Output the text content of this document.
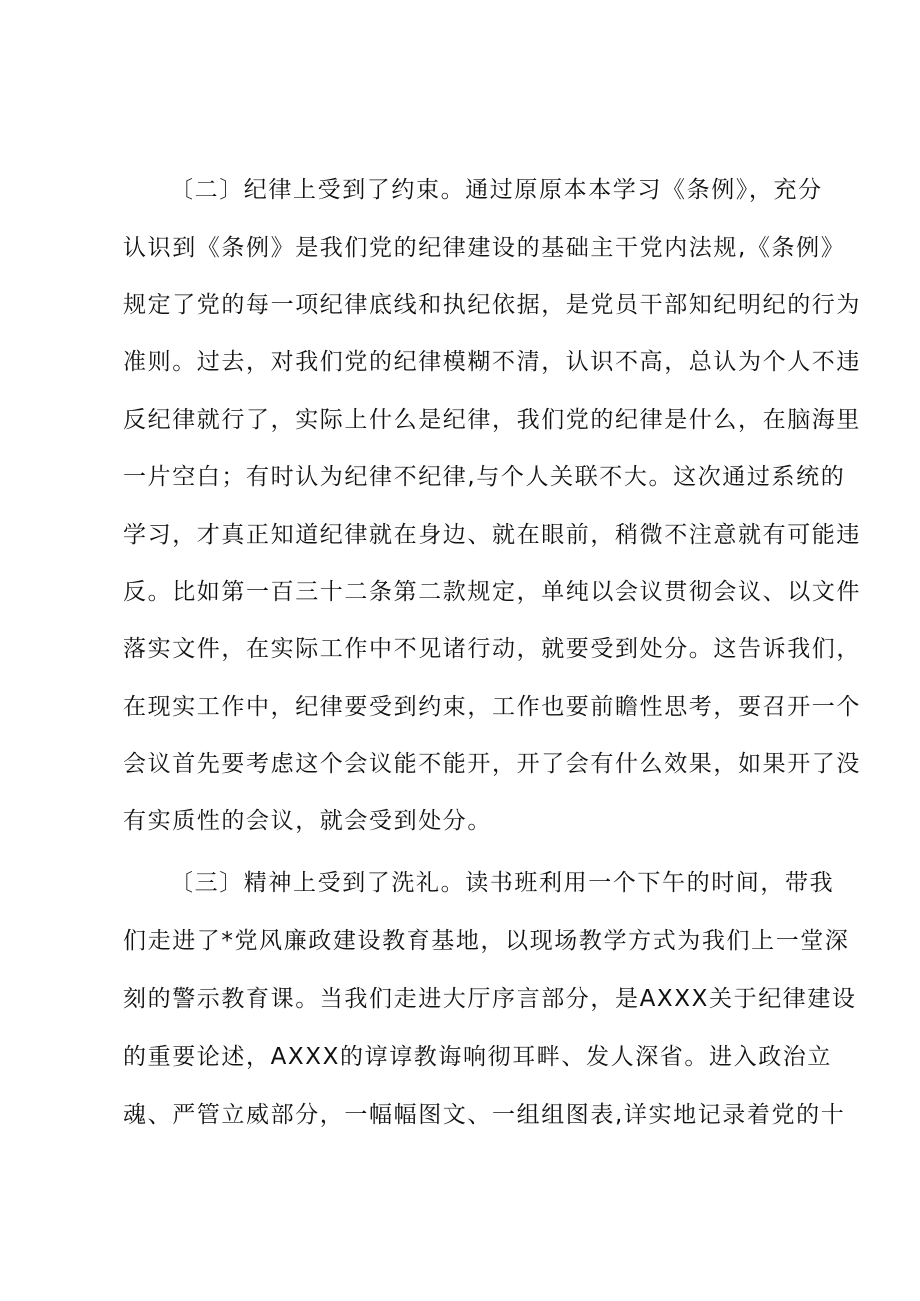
〔二〕纪律上受到了约束。通过原原本本学习《条例》，充分
认识到《条例》是我们党的纪律建设的基础主干党内法规,《条例》
规定了党的每一项纪律底线和执纪依据，是党员干部知纪明纪的行为
准则。过去，对我们党的纪律模糊不清，认识不高，总认为个人不违
反纪律就行了，实际上什么是纪律，我们党的纪律是什么，在脑海里
一片空白；有时认为纪律不纪律,与个人关联不大。这次通过系统的
学习，才真正知道纪律就在身边、就在眼前，稍微不注意就有可能违
反。比如第一百三十二条第二款规定，单纯以会议贯彻会议、以文件
落实文件，在实际工作中不见诸行动，就要受到处分。这告诉我们，
在现实工作中，纪律要受到约束，工作也要前瞻性思考，要召开一个
会议首先要考虑这个会议能不能开，开了会有什么效果，如果开了没
有实质性的会议，就会受到处分。
〔三〕精神上受到了洗礼。读书班利用一个下午的时间，带我
们走进了*党风廉政建设教育基地，以现场教学方式为我们上一堂深
刻的警示教育课。当我们走进大厅序言部分，是AXXX关于纪律建设
的重要论述，AXXX的谆谆教诲响彻耳畔、发人深省。进入政治立
魂、严管立威部分，一幅幅图文、一组组图表,详实地记录着党的十
